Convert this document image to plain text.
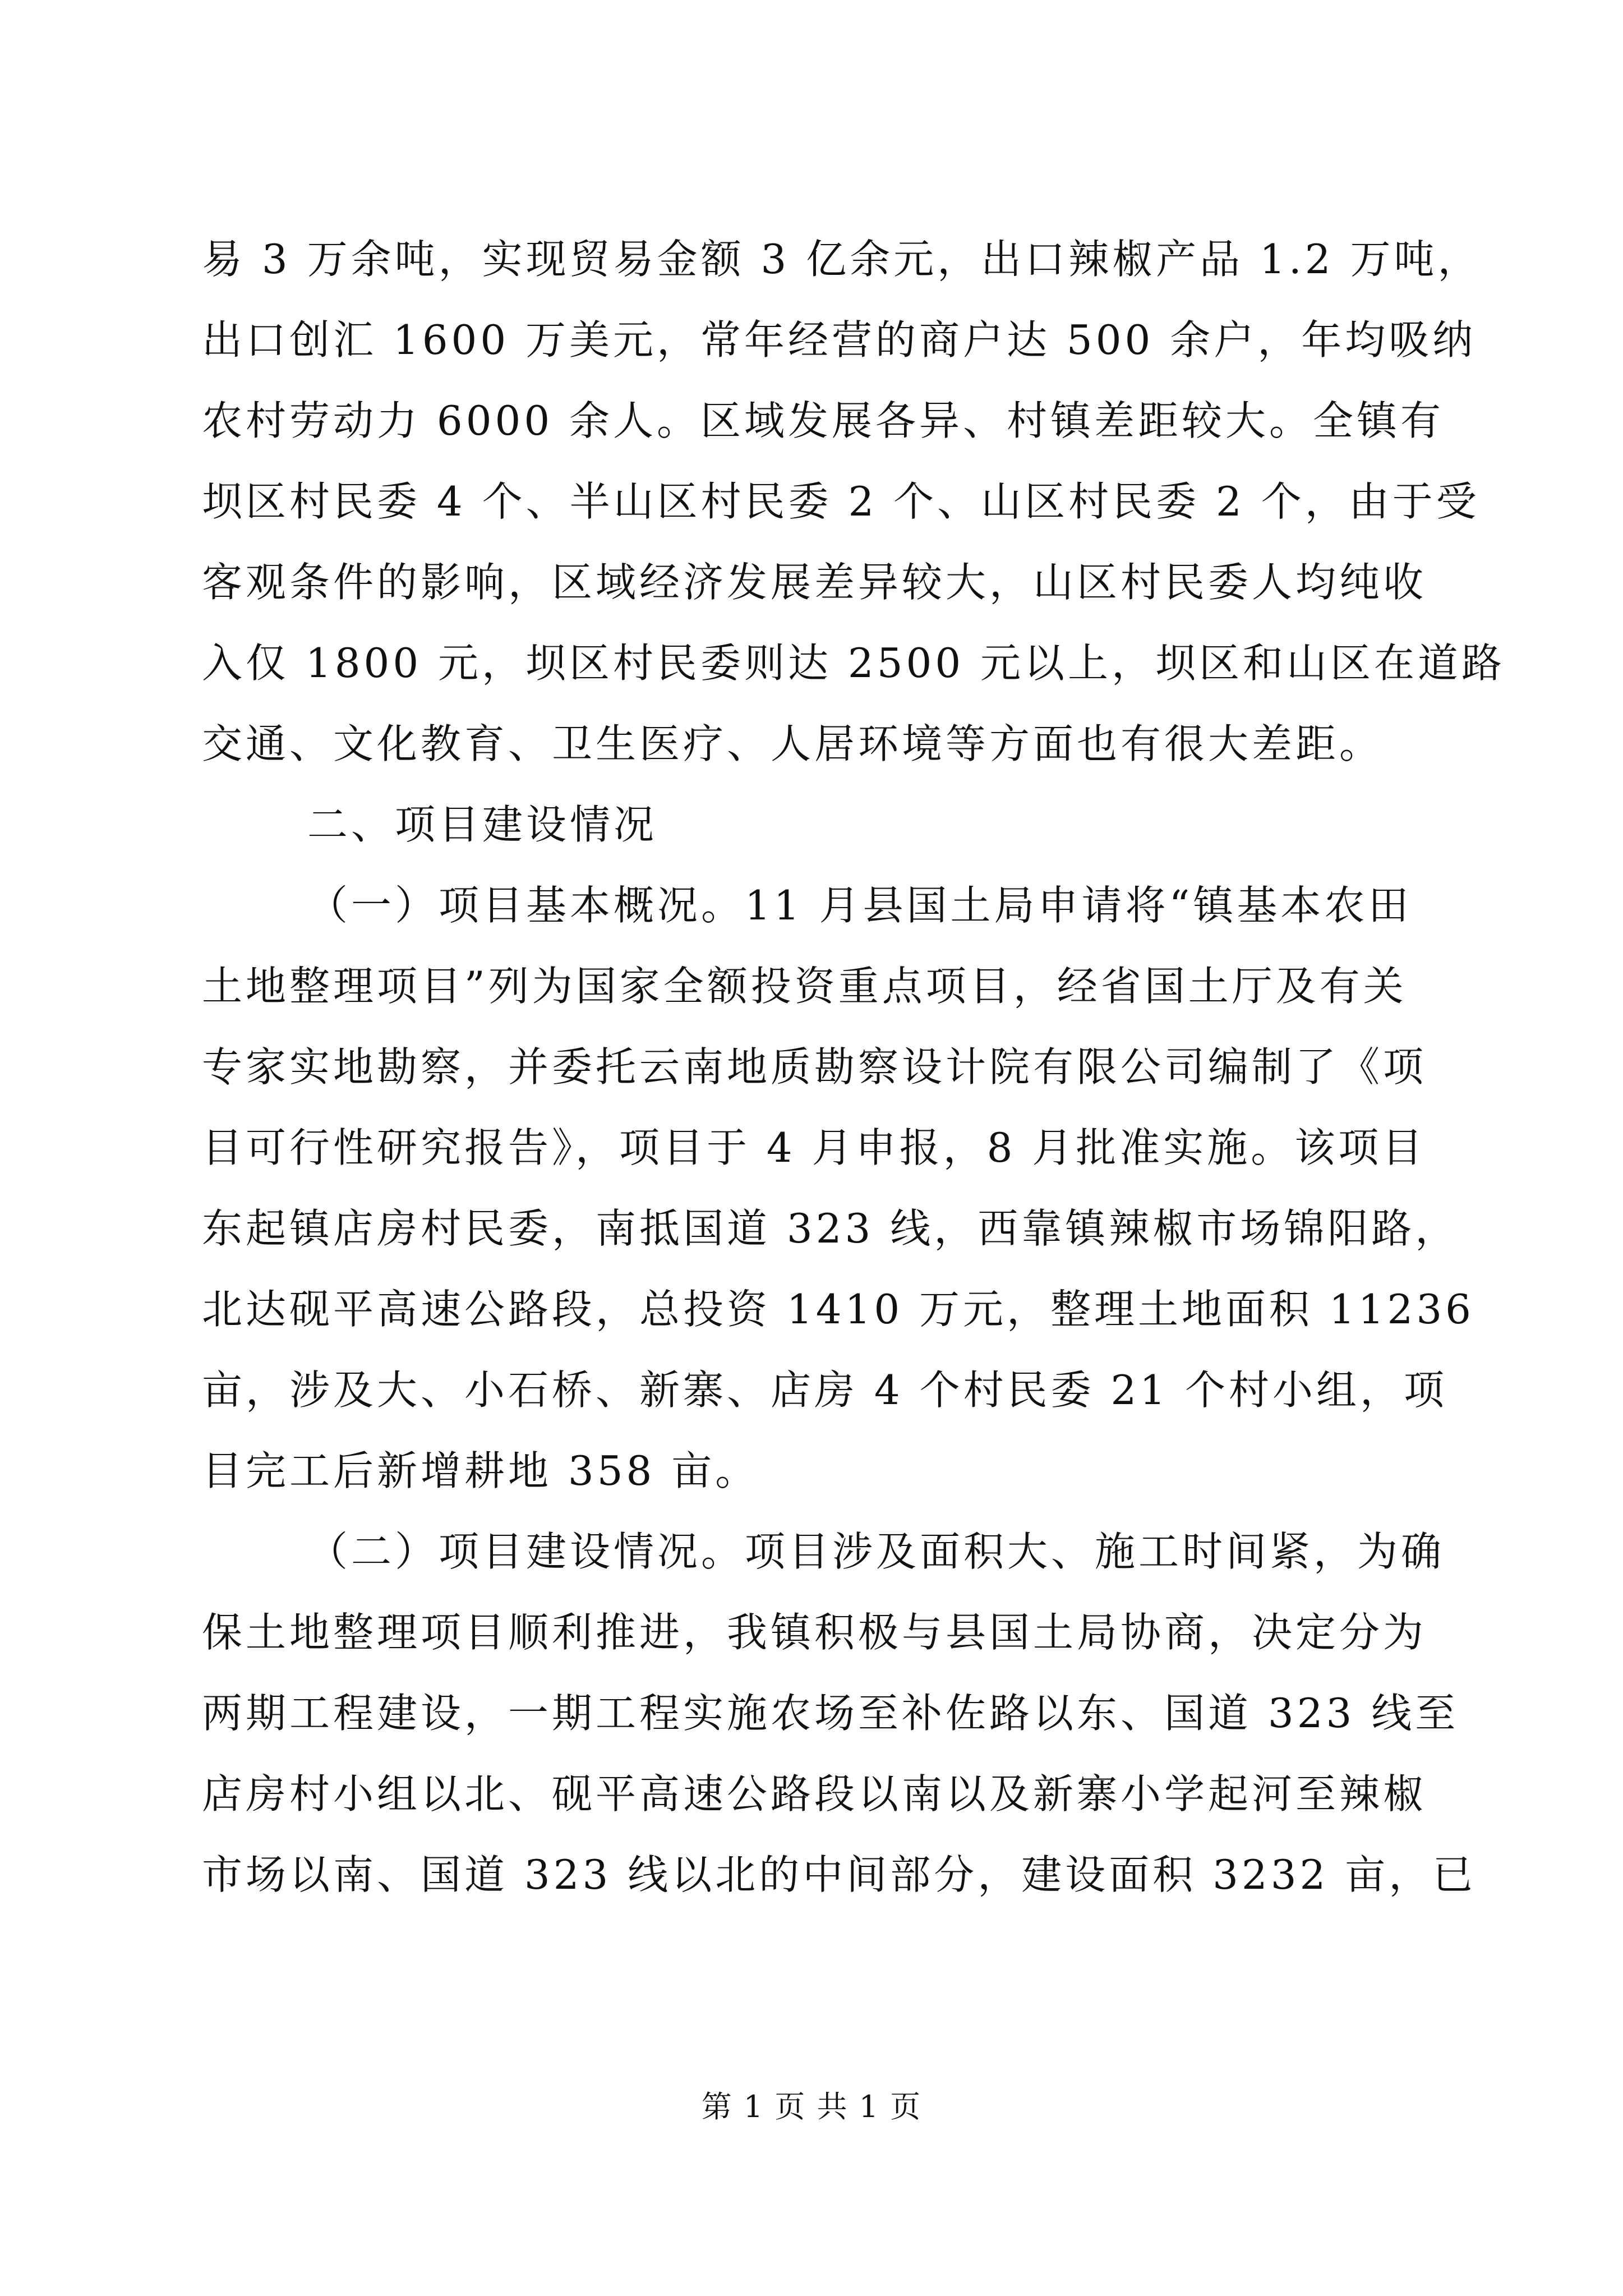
易 3 万余吨，实现贸易金额 3 亿余元，出口辣椒产品 1.2 万吨，
出口创汇 1600 万美元，常年经营的商户达 500 余户，年均吸纳
农村劳动力 6000 余人。区域发展各异、村镇差距较大。全镇有
坝区村民委 4 个、半山区村民委 2 个、山区村民委 2 个，由于受
客观条件的影响，区域经济发展差异较大，山区村民委人均纯收
入仅 1800 元，坝区村民委则达 2500 元以上，坝区和山区在道路
交通、文化教育、卫生医疗、人居环境等方面也有很大差距。
二、项目建设情况
（一）项目基本概况。11 月县国土局申请将“镇基本农田
土地整理项目”列为国家全额投资重点项目，经省国土厅及有关
专家实地勘察，并委托云南地质勘察设计院有限公司编制了《项
目可行性研究报告》，项目于 4 月申报，8 月批准实施。该项目
东起镇店房村民委，南抵国道 323 线，西靠镇辣椒市场锦阳路，
北达砚平高速公路段，总投资 1410 万元，整理土地面积 11236
亩，涉及大、小石桥、新寨、店房 4 个村民委 21 个村小组，项
目完工后新增耕地 358 亩。
（二）项目建设情况。项目涉及面积大、施工时间紧，为确
保土地整理项目顺利推进，我镇积极与县国土局协商，决定分为
两期工程建设，一期工程实施农场至补佐路以东、国道 323 线至
店房村小组以北、砚平高速公路段以南以及新寨小学起河至辣椒
市场以南、国道 323 线以北的中间部分，建设面积 3232 亩，已
第 1 页 共 1 页
